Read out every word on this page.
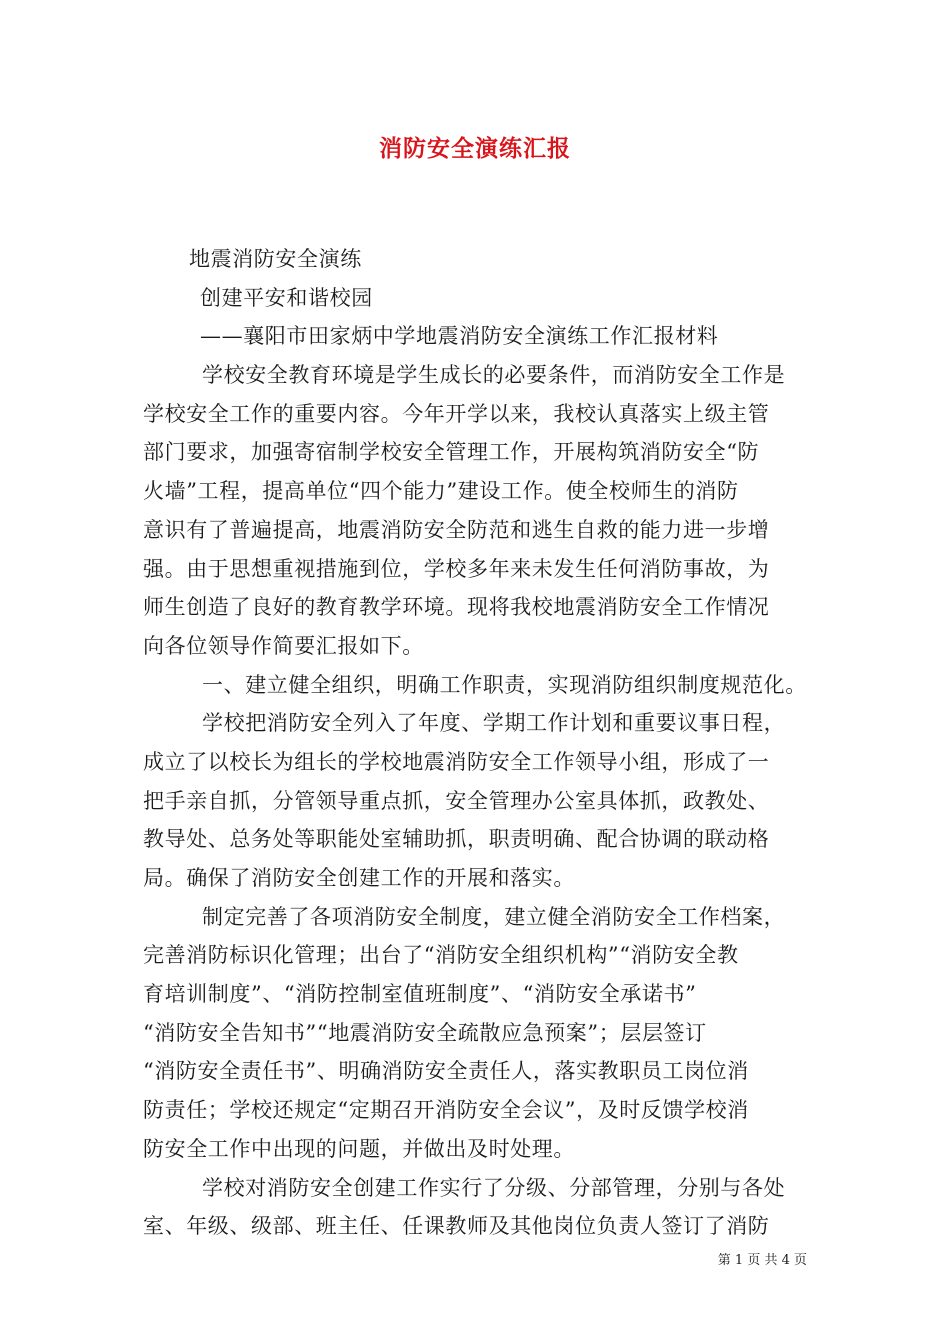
消防安全演练汇报
地震消防安全演练
创建平安和谐校园
——襄阳市田家炳中学地震消防安全演练工作汇报材料
学校安全教育环境是学生成长的必要条件，而消防安全工作是
学校安全工作的重要内容。今年开学以来，我校认真落实上级主管
部门要求，加强寄宿制学校安全管理工作，开展构筑消防安全“防
火墙”工程，提高单位“四个能力”建设工作。使全校师生的消防
意识有了普遍提高，地震消防安全防范和逃生自救的能力进一步增
强。由于思想重视措施到位，学校多年来未发生任何消防事故，为
师生创造了良好的教育教学环境。现将我校地震消防安全工作情况
向各位领导作简要汇报如下。
一、建立健全组织，明确工作职责，实现消防组织制度规范化。
学校把消防安全列入了年度、学期工作计划和重要议事日程，
成立了以校长为组长的学校地震消防安全工作领导小组，形成了一
把手亲自抓，分管领导重点抓，安全管理办公室具体抓，政教处、
教导处、总务处等职能处室辅助抓，职责明确、配合协调的联动格
局。确保了消防安全创建工作的开展和落实。
制定完善了各项消防安全制度，建立健全消防安全工作档案，
完善消防标识化管理；出台了“消防安全组织机构”“消防安全教
育培训制度”、“消防控制室值班制度”、“消防安全承诺书”
“消防安全告知书”“地震消防安全疏散应急预案”；层层签订
“消防安全责任书”、明确消防安全责任人，落实教职员工岗位消
防责任；学校还规定“定期召开消防安全会议”，及时反馈学校消
防安全工作中出现的问题，并做出及时处理。
学校对消防安全创建工作实行了分级、分部管理，分别与各处
室、年级、级部、班主任、任课教师及其他岗位负责人签订了消防
第 1 页 共 4 页
